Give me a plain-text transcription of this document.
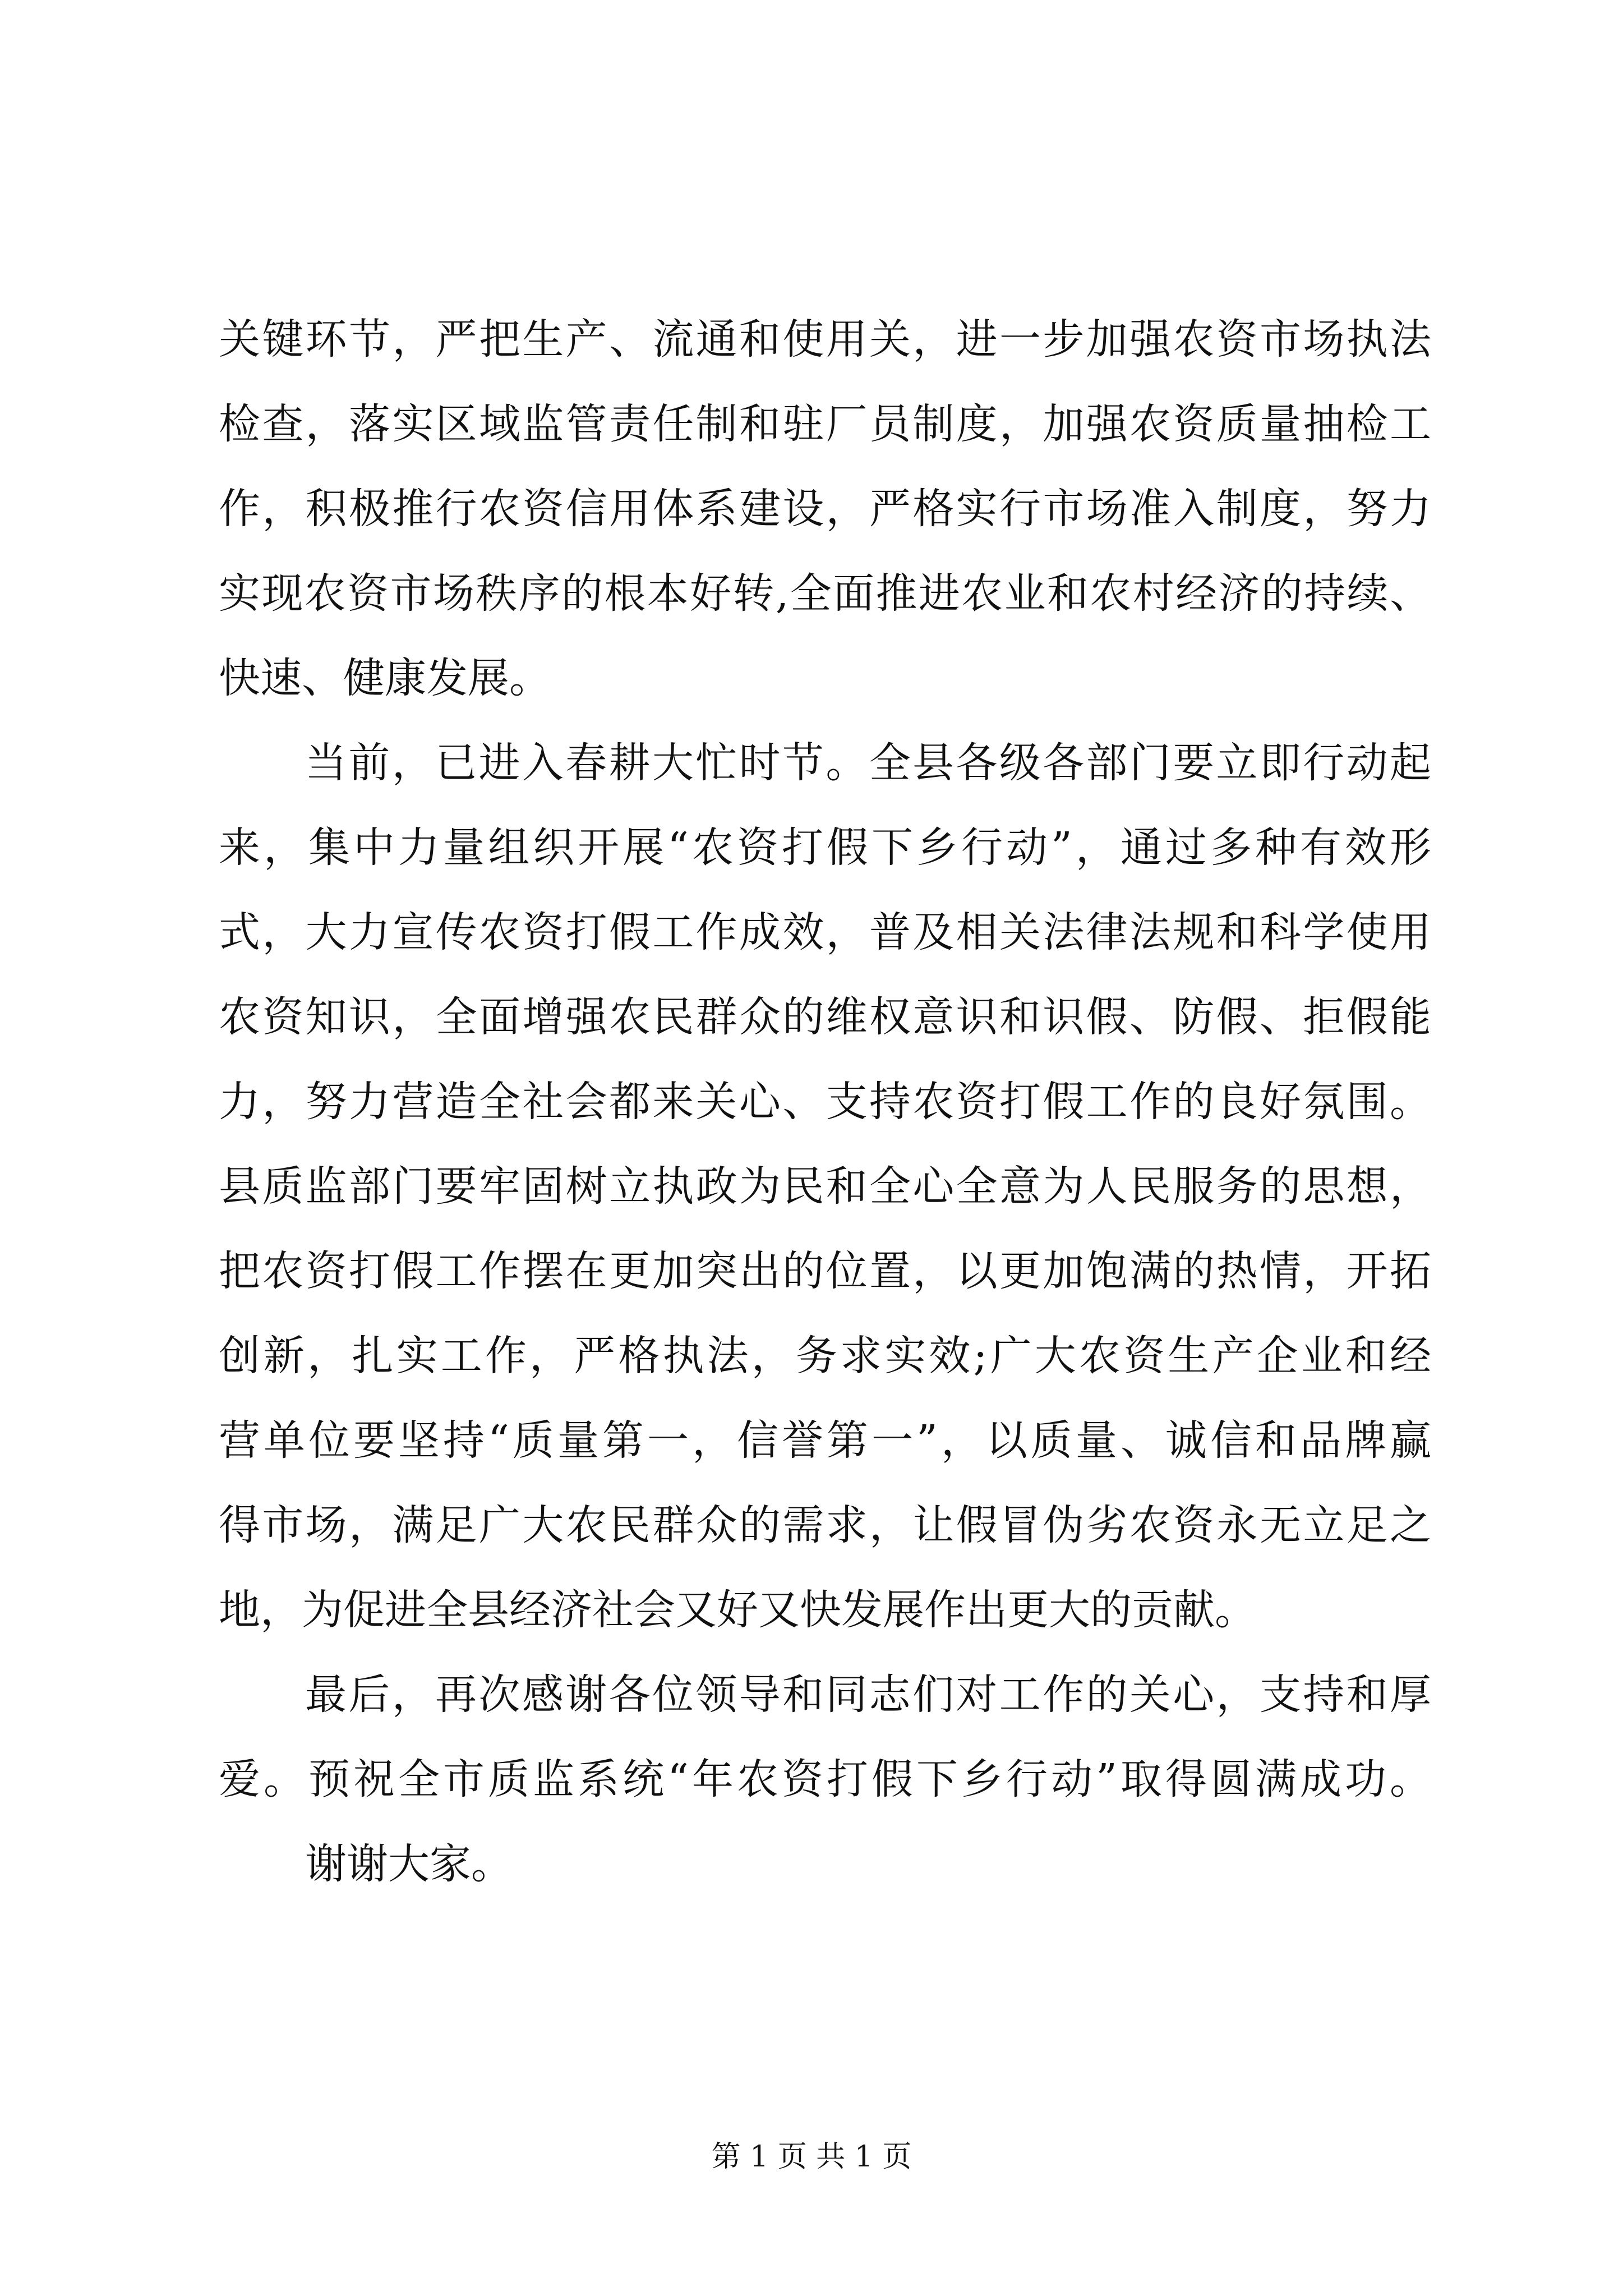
关键环节，严把生产、流通和使用关，进一步加强农资市场执法
检查，落实区域监管责任制和驻厂员制度，加强农资质量抽检工
作，积极推行农资信用体系建设，严格实行市场准入制度，努力
实现农资市场秩序的根本好转,全面推进农业和农村经济的持续、
快速、健康发展。
当前，已进入春耕大忙时节。全县各级各部门要立即行动起
来，集中力量组织开展“农资打假下乡行动”，通过多种有效形
式，大力宣传农资打假工作成效，普及相关法律法规和科学使用
农资知识，全面增强农民群众的维权意识和识假、防假、拒假能
力，努力营造全社会都来关心、支持农资打假工作的良好氛围。
县质监部门要牢固树立执政为民和全心全意为人民服务的思想，
把农资打假工作摆在更加突出的位置，以更加饱满的热情，开拓
创新，扎实工作，严格执法，务求实效;广大农资生产企业和经
营单位要坚持“质量第一，信誉第一”，以质量、诚信和品牌赢
得市场，满足广大农民群众的需求，让假冒伪劣农资永无立足之
地，为促进全县经济社会又好又快发展作出更大的贡献。
最后，再次感谢各位领导和同志们对工作的关心，支持和厚
爱。预祝全市质监系统“年农资打假下乡行动”取得圆满成功。
谢谢大家。
第 1 页 共 1 页
